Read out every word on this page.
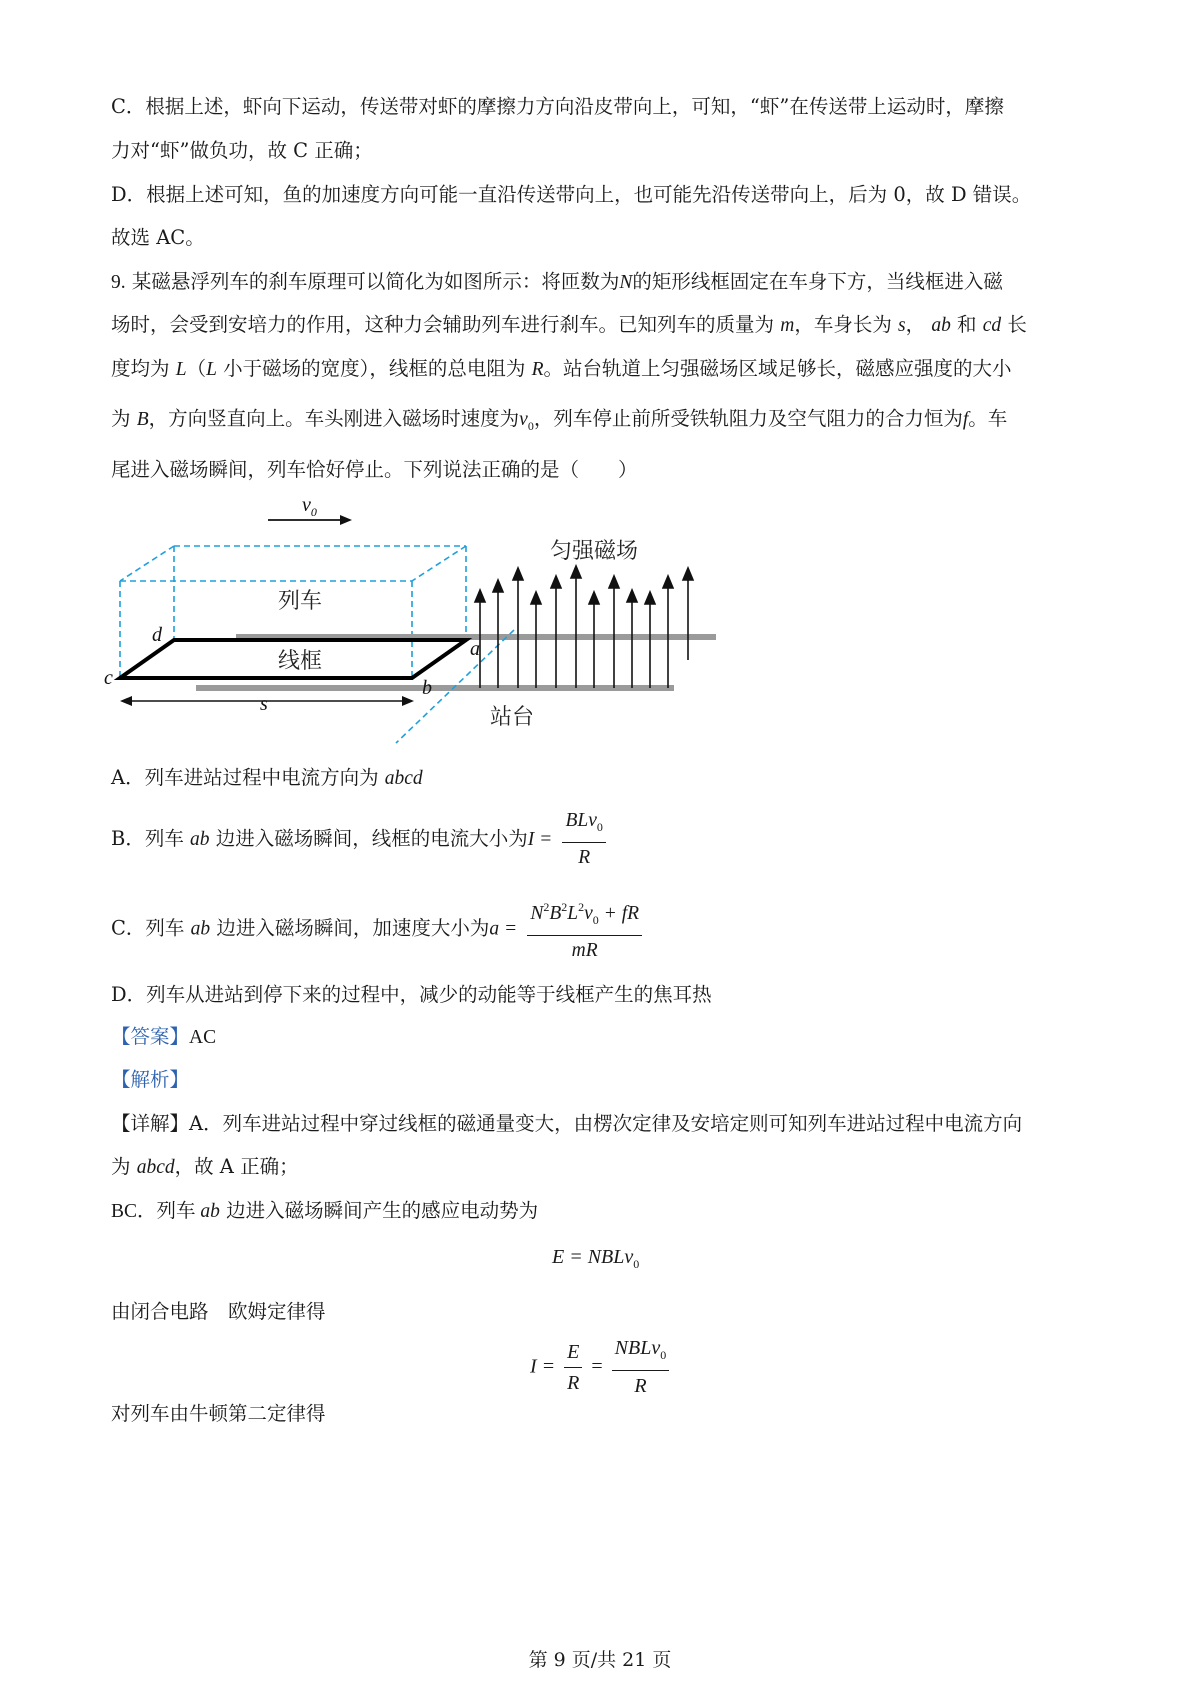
C．根据上述，虾向下运动，传送带对虾的摩擦力方向沿皮带向上，可知，“虾”在传送带上运动时，摩擦
力对“虾”做负功，故 C 正确；
D．根据上述可知，鱼的加速度方向可能一直沿传送带向上，也可能先沿传送带向上，后为 0，故 D 错误。
故选 AC。
9. 某磁悬浮列车的刹车原理可以简化为如图所示：将匝数为N的矩形线框固定在车身下方，当线框进入磁
场时，会受到安培力的作用，这种力会辅助列车进行刹车。已知列车的质量为 m，车身长为 s， ab 和 cd 长
度均为 L（L 小于磁场的宽度），线框的总电阻为 R。站台轨道上匀强磁场区域足够长，磁感应强度的大小
为 B，方向竖直向上。车头刚进入磁场时速度为$v_0$，列车停止前所受铁轨阻力及空气阻力的合力恒为f。车
尾进入磁场瞬间，列车恰好停止。下列说法正确的是（　　）
$v_0$
列车
线框
d
c
a
b
s
匀强磁场
站台
A．列车进站过程中电流方向为 abcd
B．列车 ab 边进入磁场瞬间，线框的电流大小为$I = \frac{BLv_0}{R}$
C．列车 ab 边进入磁场瞬间，加速度大小为$a = \frac{N^2B^2L^2v_0 + fR}{mR}$
D．列车从进站到停下来的过程中，减少的动能等于线框产生的焦耳热
【答案】AC
【解析】
【详解】A．列车进站过程中穿过线框的磁通量变大，由楞次定律及安培定则可知列车进站过程中电流方向
为 abcd，故 A 正确；
BC．列车 ab 边进入磁场瞬间产生的感应电动势为
E = NBLv$_0$
由闭合电路　欧姆定律得
$I = \frac{E}{R} = \frac{NBLv_0}{R}$
对列车由牛顿第二定律得
第 9 页/共 21 页
